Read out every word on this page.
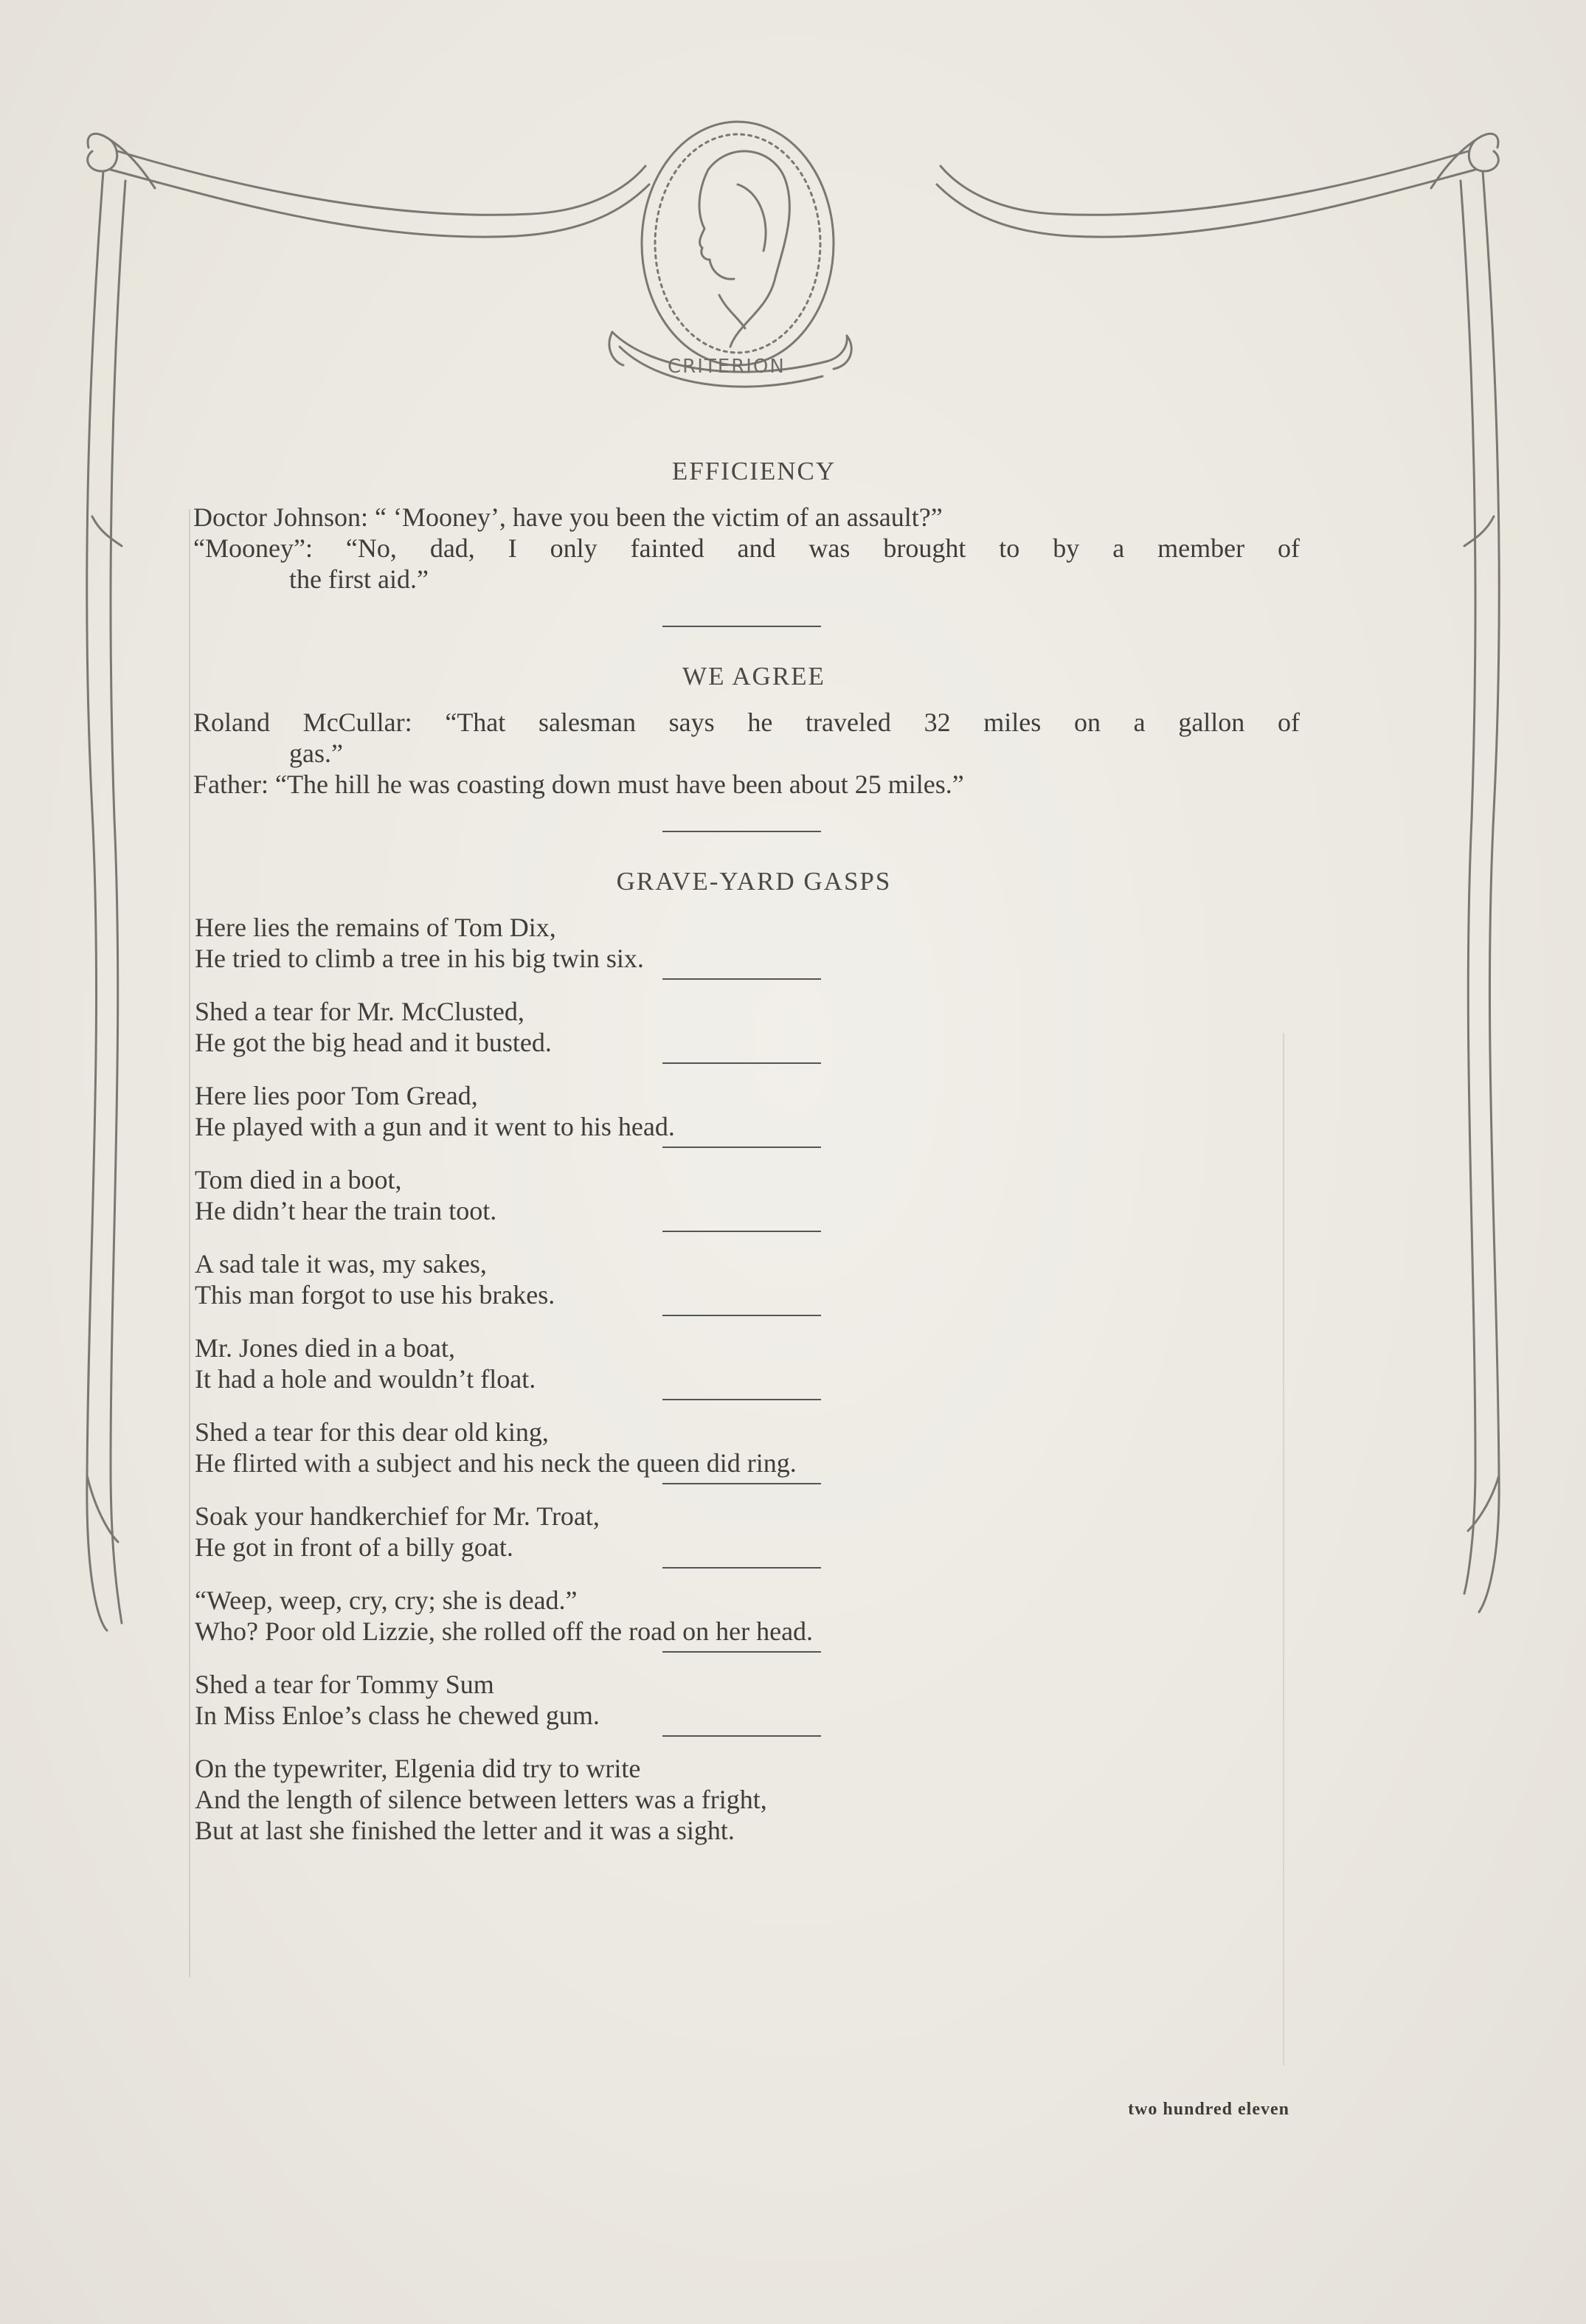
CRITERION
EFFICIENCY
Doctor Johnson: “ ‘Mooney’, have you been the victim of an assault?”
“Mooney”: “No, dad, I only fainted and was brought to by a member of
the first aid.”
WE AGREE
Roland McCullar: “That salesman says he traveled 32 miles on a gallon of
gas.”
Father: “The hill he was coasting down must have been about 25 miles.”
GRAVE-YARD GASPS
Here lies the remains of Tom Dix,
He tried to climb a tree in his big twin six.
Shed a tear for Mr. McClusted,
He got the big head and it busted.
Here lies poor Tom Gread,
He played with a gun and it went to his head.
Tom died in a boot,
He didn’t hear the train toot.
A sad tale it was, my sakes,
This man forgot to use his brakes.
Mr. Jones died in a boat,
It had a hole and wouldn’t float.
Shed a tear for this dear old king,
He flirted with a subject and his neck the queen did ring.
Soak your handkerchief for Mr. Troat,
He got in front of a billy goat.
“Weep, weep, cry, cry; she is dead.”
Who? Poor old Lizzie, she rolled off the road on her head.
Shed a tear for Tommy Sum
In Miss Enloe’s class he chewed gum.
On the typewriter, Elgenia did try to write
And the length of silence between letters was a fright,
But at last she finished the letter and it was a sight.
two hundred eleven
